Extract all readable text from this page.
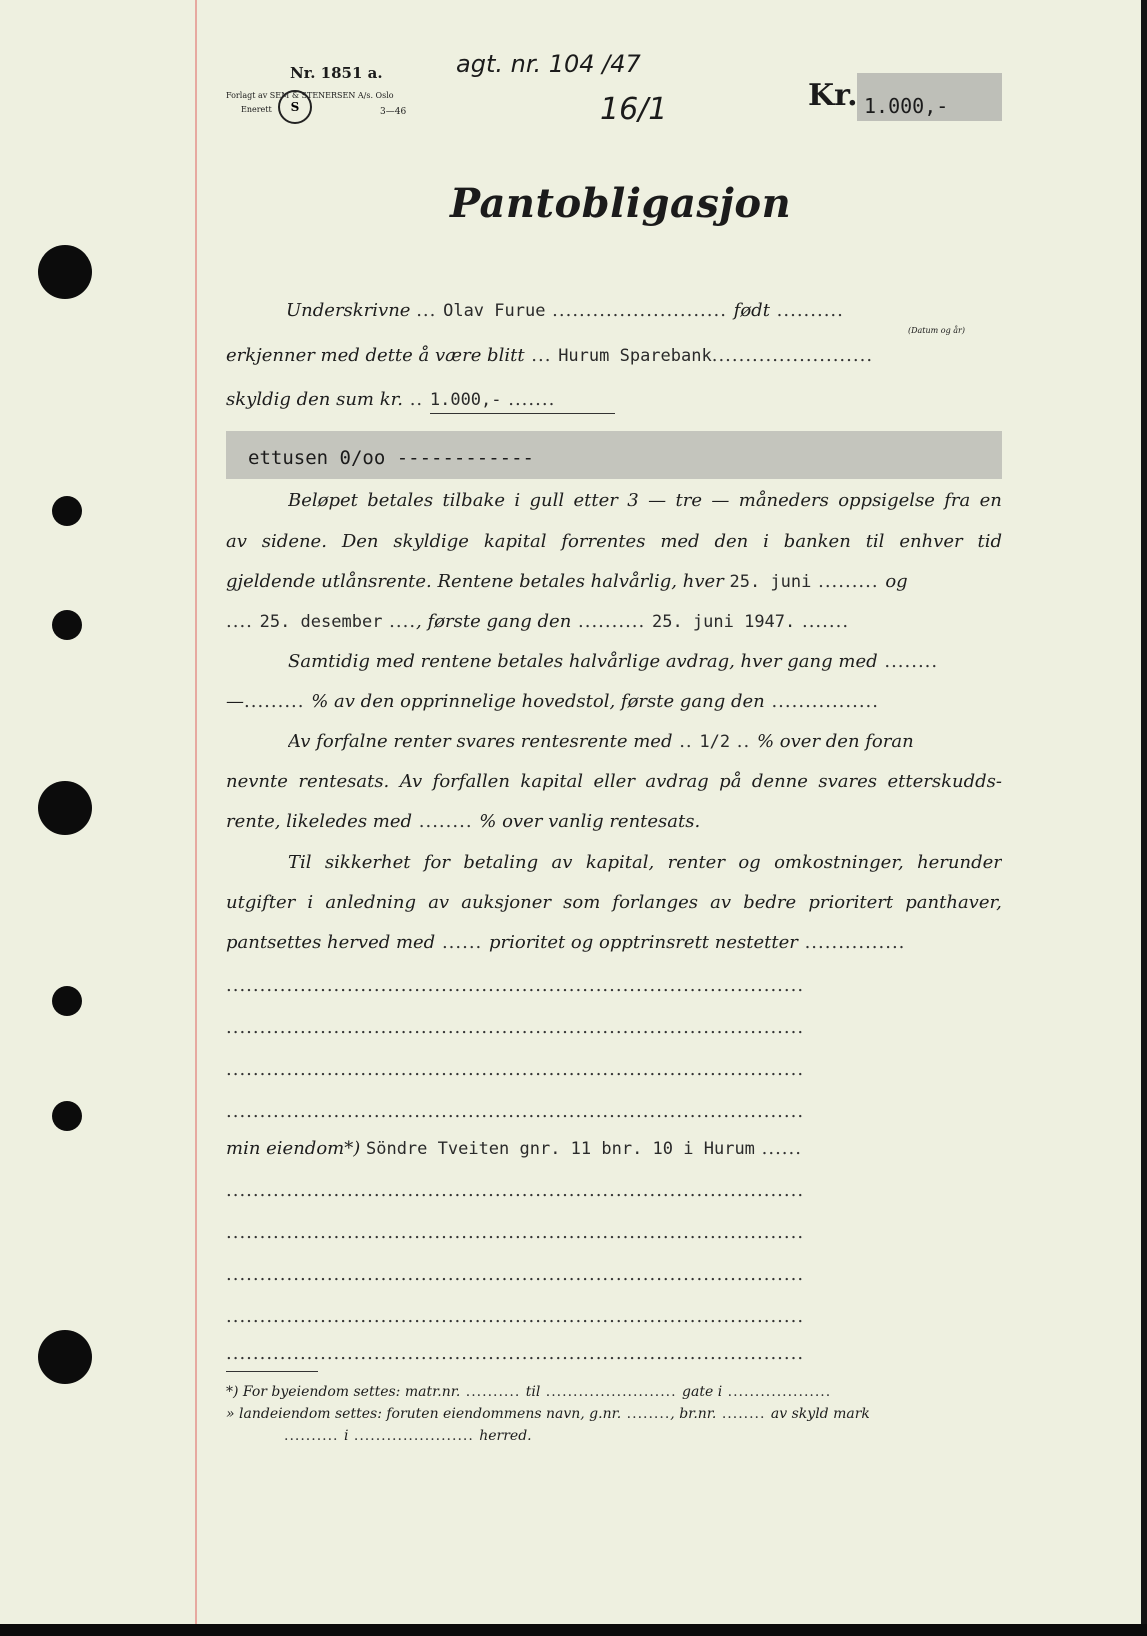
Nr. 1851 a.
Forlagt av SEM & STENERSEN A/s. Oslo
Enerett	3—46
S
agt. nr. 104 /47
16/1	Kr. 1.000,-
Pantobligasjon
Underskrivne ... Olav Furue .......................... født ..........
(Datum og år)
erkjenner med dette å være blitt ... Hurum Sparebank........................
skyldig den sum kr. .. 1.000,- .......
ettusen 0/oo ------------
Beløpet betales tilbake i gull etter 3 — tre — måneders oppsigelse fra en
av sidene. Den skyldige kapital forrentes med den i banken til enhver tid
gjeldende utlånsrente. Rentene betales halvårlig, hver 25. juni ......... og
.... 25. desember ...., første gang den .......... 25. juni 1947. .......
Samtidig med rentene betales halvårlige avdrag, hver gang med ........
—......... % av den opprinnelige hovedstol, første gang den ................
Av forfalne renter svares rentesrente med .. 1/2 .. % over den foran
nevnte rentesats. Av forfallen kapital eller avdrag på denne svares etterskudds-
rente, likeledes med ........ % over vanlig rentesats.
Til sikkerhet for betaling av kapital, renter og omkostninger, herunder
utgifter i anledning av auksjoner som forlanges av bedre prioritert panthaver,
pantsettes herved med ...... prioritet og opptrinsrett nestetter ...............
......................................................................................
......................................................................................
......................................................................................
......................................................................................
min eiendom*) Söndre Tveiten gnr. 11 bnr. 10 i Hurum ......
......................................................................................
......................................................................................
......................................................................................
......................................................................................
......................................................................................
*) For byeiendom settes: matr.nr. .......... til ........................ gate i ...................
» landeiendom settes: foruten eiendommens navn, g.nr. ........, br.nr. ........ av skyld mark
.......... i ...................... herred.
